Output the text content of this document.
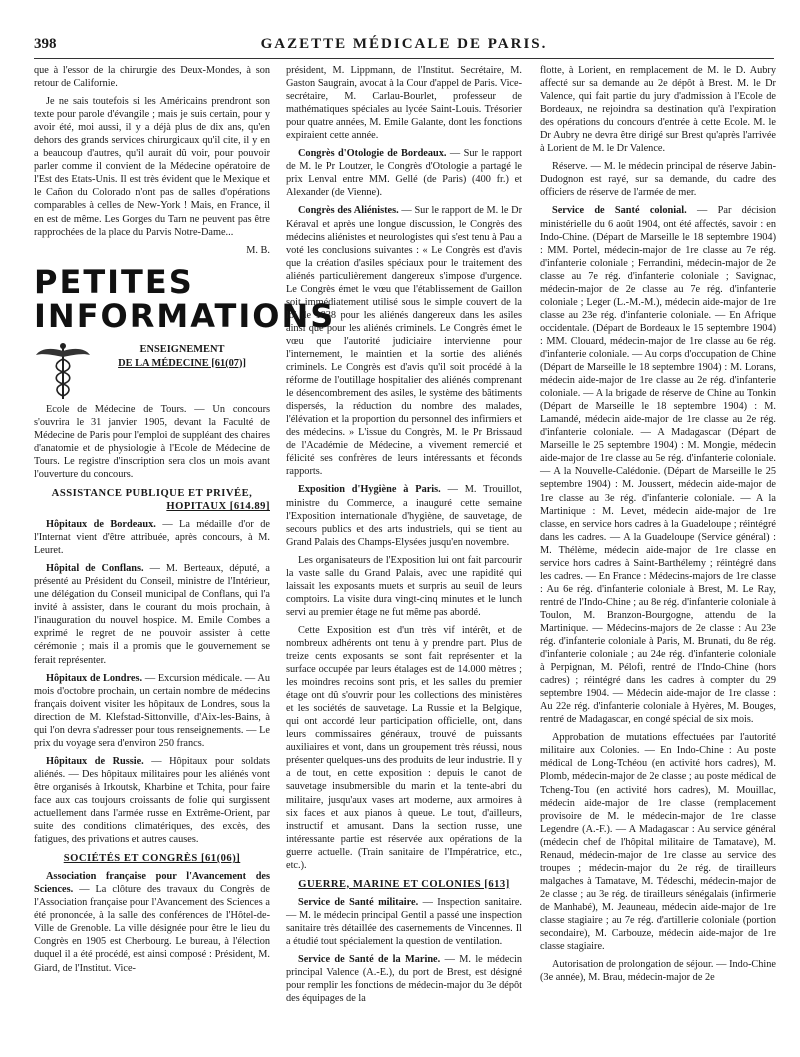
398	GAZETTE MÉDICALE DE PARIS.

que à l'essor de la chirurgie des Deux-Mondes, à son retour de Californie.

Je ne sais toutefois si les Américains prendront son texte pour parole d'évangile ; mais je suis certain, pour y avoir été, moi aussi, il y a déjà plus de dix ans, qu'en dehors des grands services chirurgicaux qu'il cite, il y en a beaucoup d'autres, qu'il aurait dû voir, pour pouvoir parler comme il convient de la Médecine opératoire de l'Est des Etats-Unis. Il est très évident que le Mexique et le Cañon du Colorado n'ont pas de salles d'opérations comparables à celles de New-York ! Mais, en France, il en est de même. Les Gorges du Tarn ne peuvent pas être rapprochées de la place du Parvis Notre-Dame...

M. B.

PETITES
INFORMATIONS
ENSEIGNEMENT
DE LA MÉDECINE [61(07)]

Ecole de Médecine de Tours. — Un concours s'ouvrira le 31 janvier 1905, devant la Faculté de Médecine de Paris pour l'emploi de suppléant des chaires d'anatomie et de physiologie à l'Ecole de Médecine de Tours. Le registre d'inscription sera clos un mois avant l'ouverture du concours.

ASSISTANCE PUBLIQUE ET PRIVÉE,
HOPITAUX [614.89]

Hôpitaux de Bordeaux. — La médaille d'or de l'Internat vient d'être attribuée, après concours, à M. Leuret.

Hôpital de Conflans. — M. Berteaux, député, a présenté au Président du Conseil, ministre de l'Intérieur, une délégation du Conseil municipal de Conflans, qui l'a invité à assister, dans le courant du mois prochain, à l'inauguration du nouvel hospice. M. Emile Combes a exprimé le regret de ne pouvoir assister à cette cérémonie ; mais il a promis que le gouvernement se ferait représenter.

Hôpitaux de Londres. — Excursion médicale. — Au mois d'octobre prochain, un certain nombre de médecins français doivent visiter les hôpitaux de Londres, sous la direction de M. Klefstad-Sittonville, d'Aix-les-Bains, à qui l'on devra s'adresser pour tous renseignements. — Le prix du voyage sera d'environ 250 francs.

Hôpitaux de Russie. — Hôpitaux pour soldats aliénés. — Des hôpitaux militaires pour les aliénés vont être organisés à Irkoutsk, Kharbine et Tchita, pour faire face aux cas toujours croissants de folie qui surgissent actuellement dans l'armée russe en Extrême-Orient, par suite des conditions climatériques, des excès, des fatigues, des privations et autres causes.

SOCIÉTÉS ET CONGRÈS [61(06)]

Association française pour l'Avancement des Sciences. — La clôture des travaux du Congrès de l'Association française pour l'Avancement des Sciences a été prononcée, à la salle des conférences de l'Hôtel-de-Ville de Grenoble. La ville désignée pour être le lieu du Congrès en 1905 est Cherbourg. Le bureau, à l'élection duquel il a été procédé, est ainsi composé : Président, M. Giard, de l'Institut. Vice-

président, M. Lippmann, de l'Institut. Secrétaire, M. Gaston Saugrain, avocat à la Cour d'appel de Paris. Vice-secrétaire, M. Carlau-Bourlet, professeur de mathématiques spéciales au lycée Saint-Louis. Trésorier pour quatre années, M. Emile Galante, dont les fonctions expiraient cette année.

Congrès d'Otologie de Bordeaux. — Sur le rapport de M. le Pr Loutzer, le Congrès d'Otologie a partagé le prix Lenval entre MM. Gellé (de Paris) (400 fr.) et Alexander (de Vienne).

Congrès des Aliénistes. — Sur le rapport de M. le Dr Kéraval et après une longue discussion, le Congrès des médecins aliénistes et neurologistes qui s'est tenu à Pau a voté les conclusions suivantes : « Le Congrès est d'avis que la création d'asiles spéciaux pour le traitement des aliénés particulièrement dangereux s'impose d'urgence. Le Congrès émet le vœu que l'établissement de Gaillon soit immédiatement utilisé sous le simple couvert de la loi de 1838 pour les aliénés dangereux dans les asiles ainsi que pour les aliénés criminels. Le Congrès émet le vœu que l'autorité judiciaire intervienne pour l'internement, le maintien et la sortie des aliénés criminels. Le Congrès est d'avis qu'il soit procédé à la réforme de l'outillage hospitalier des aliénés comprenant le désencombrement des asiles, le système des bâtiments dispersés, la réduction du nombre des malades, l'élévation et la proportion du personnel des infirmiers et des médecins. » L'issue du Congrès, M. le Pr Brissaud de l'Académie de Médecine, a vivement remercié et félicité ses confrères de leurs intéressants et féconds rapports.

Exposition d'Hygiène à Paris. — M. Trouillot, ministre du Commerce, a inauguré cette semaine l'Exposition internationale d'hygiène, de sauvetage, de secours publics et des arts industriels, qui se tient au Grand Palais des Champs-Elysées jusqu'en novembre.

Les organisateurs de l'Exposition lui ont fait parcourir la vaste salle du Grand Palais, avec une rapidité qui laissait les exposants muets et surpris au seuil de leurs comptoirs. La visite dura vingt-cinq minutes et le lunch servi au premier étage ne fut même pas abordé.

Cette Exposition est d'un très vif intérêt, et de nombreux adhérents ont tenu à y prendre part. Plus de treize cents exposants se sont fait représenter et la surface occupée par leurs étalages est de 14.000 mètres ; les moindres recoins sont pris, et les salles du premier étage ont dû s'ouvrir pour les collections des ministères et les sociétés de sauvetage. La Russie et la Belgique, qui ont accordé leur participation officielle, ont, dans leurs commissaires généraux, trouvé de puissants auxiliaires et vont, dans un groupement très réussi, nous présenter quelques-uns des produits de leur industrie. Il y a de tout, en cette exposition : depuis le canot de sauvetage insubmersible du marin et la tente-abri du militaire, jusqu'aux vases art moderne, aux armoires à six faces et aux pianos à queue. Le tout, d'ailleurs, instructif et amusant. Dans la section russe, une intéressante partie est réservée aux opérations de la guerre actuelle. (Train sanitaire de l'Impératrice, etc., etc.).

GUERRE, MARINE ET COLONIES [613]

Service de Santé militaire. — Inspection sanitaire. — M. le médecin principal Gentil a passé une inspection sanitaire très détaillée des casernements de Vincennes. Il a étudié tout spécialement la question de ventilation.

Service de Santé de la Marine. — M. le médecin principal Valence (A.-E.), du port de Brest, est désigné pour remplir les fonctions de médecin-major du 3e dépôt des équipages de la

flotte, à Lorient, en remplacement de M. le D. Aubry affecté sur sa demande au 2e dépôt à Brest. M. le Dr Valence, qui fait partie du jury d'admission à l'Ecole de Bordeaux, ne rejoindra sa destination qu'à l'expiration des opérations du concours d'entrée à cette Ecole. M. le Dr Aubry ne devra être dirigé sur Brest qu'après l'arrivée à Lorient de M. le Dr Valence.

Réserve. — M. le médecin principal de réserve Jabin-Dudognon est rayé, sur sa demande, du cadre des officiers de réserve de l'armée de mer.

Service de Santé colonial. — Par décision ministérielle du 6 août 1904, ont été affectés, savoir : en Indo-Chine. (Départ de Marseille le 18 septembre 1904) : MM. Portel, médecin-major de 1re classe au 7e rég. d'infanterie coloniale ; Ferrandini, médecin-major de 2e classe au 7e rég. d'infanterie coloniale ; Savignac, médecin-major de 2e classe au 7e rég. d'infanterie coloniale ; Leger (L.-M.-M.), médecin aide-major de 1re classe au 23e rég. d'infanterie coloniale. — En Afrique occidentale. (Départ de Bordeaux le 15 septembre 1904) : MM. Clouard, médecin-major de 1re classe au 6e rég. d'infanterie coloniale. — Au corps d'occupation de Chine (Départ de Marseille le 18 septembre 1904) : M. Lorans, médecin aide-major de 1re classe au 2e rég. d'infanterie coloniale. — A la brigade de réserve de Chine au Tonkin (Départ de Marseille le 18 septembre 1904) : M. Lamandé, médecin aide-major de 1re classe au 2e rég. d'infanterie coloniale. — A Madagascar (Départ de Marseille le 25 septembre 1904) : M. Mongie, médecin aide-major de 1re classe au 5e rég. d'infanterie coloniale. — A la Nouvelle-Calédonie. (Départ de Marseille le 25 septembre 1904) : M. Joussert, médecin aide-major de 1re classe au 3e rég. d'infanterie coloniale. — A la Martinique : M. Levet, médecin aide-major de 1re classe, en service hors cadres à la Guadeloupe ; réintégré dans les cadres. — A la Guadeloupe (Service général) : M. Thélème, médecin aide-major de 1re classe en service hors cadres à Saint-Barthélemy ; réintégré dans les cadres. — En France : Médecins-majors de 1re classe : Au 6e rég. d'infanterie coloniale à Brest, M. Le Ray, rentré de l'Indo-Chine ; au 8e rég. d'infanterie coloniale à Toulon, M. Branzon-Bourgogne, attendu de la Martinique. — Médecins-majors de 2e classe : Au 23e rég. d'infanterie coloniale à Paris, M. Brunati, du 8e rég. d'infanterie coloniale ; au 24e rég. d'infanterie coloniale à Perpignan, M. Pélofi, rentré de l'Indo-Chine (hors cadres) ; réintégré dans les cadres à compter du 29 septembre 1904. — Médecin aide-major de 1re classe : Au 22e rég. d'infanterie coloniale à Hyères, M. Bouges, rentré de Madagascar, en congé spécial de six mois.

Approbation de mutations effectuées par l'autorité militaire aux Colonies. — En Indo-Chine : Au poste médical de Long-Tchéou (en activité hors cadres), M. Plomb, médecin-major de 2e classe ; au poste médical de Tcheng-Tou (en activité hors cadres), M. Mouillac, médecin aide-major de 1re classe (remplacement provisoire de M. le médecin-major de 1re classe Legendre (A.-F.). — A Madagascar : Au service général (médecin chef de l'hôpital militaire de Tamatave), M. Renaud, médecin-major de 1re classe au service des troupes ; médecin-major du 2e rég. de tirailleurs malgaches à Tamatave, M. Tédeschi, médecin-major de 2e classe ; au 3e rég. de tirailleurs sénégalais (infirmerie de Manhabé), M. Jeauneau, médecin aide-major de 1re classe stagiaire ; au 7e rég. d'artillerie coloniale (portion secondaire), M. Carbouze, médecin aide-major de 1re classe stagiaire.

Autorisation de prolongation de séjour. — Indo-Chine (3e année), M. Brau, médecin-major de 2e
